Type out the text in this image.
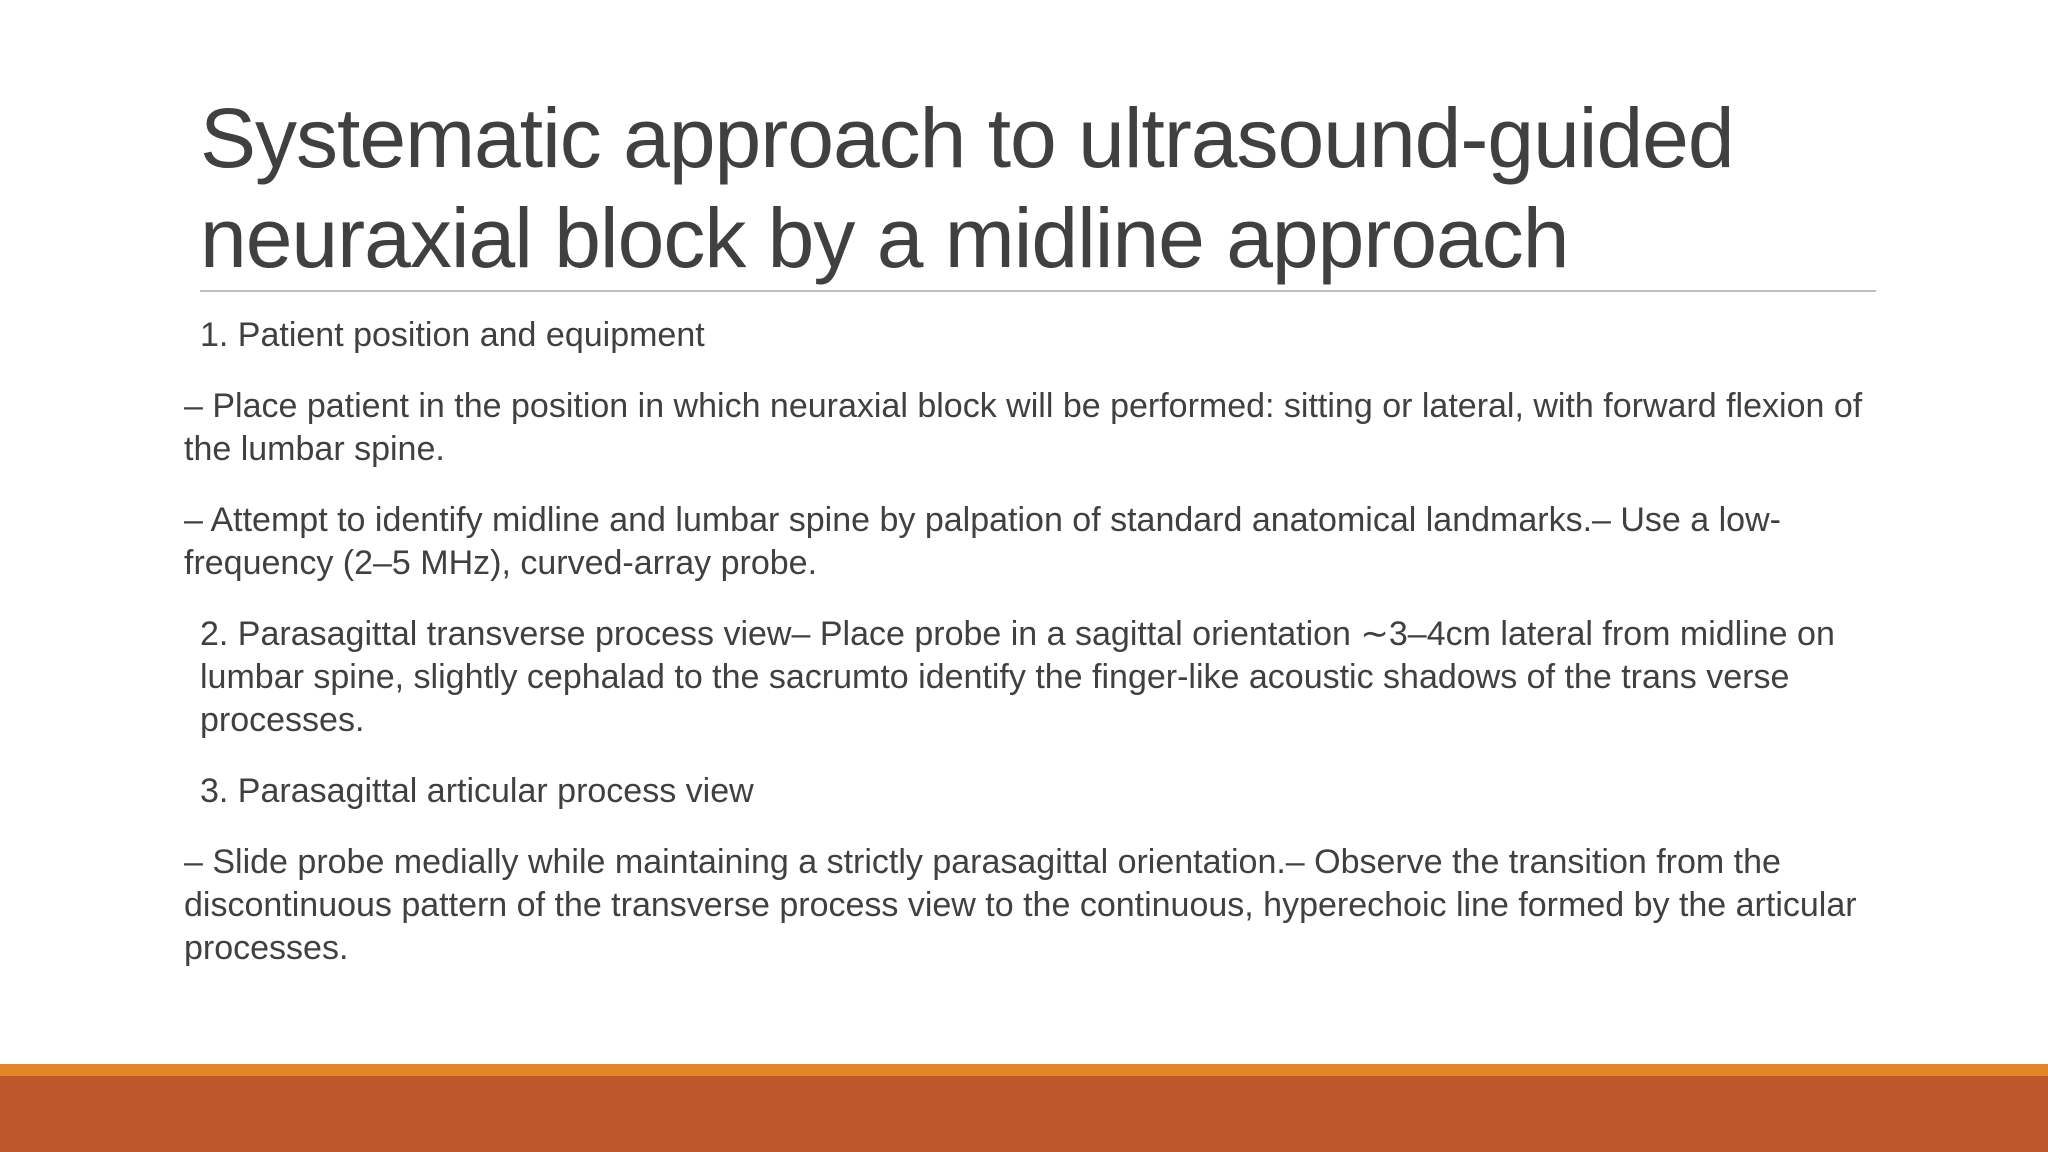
Systematic approach to ultrasound-guided
neuraxial block by a midline approach

1. Patient position and equipment

– Place patient in the position in which neuraxial block will be performed: sitting or lateral, with forward flexion of the lumbar spine.

– Attempt to identify midline and lumbar spine by palpation of standard anatomical landmarks.– Use a low-frequency (2–5 MHz), curved-array probe.

2. Parasagittal transverse process view– Place probe in a sagittal orientation ∼3–4cm lateral from midline on lumbar spine, slightly cephalad to the sacrumto identify the finger-like acoustic shadows of the trans verse processes.

3. Parasagittal articular process view

– Slide probe medially while maintaining a strictly parasagittal orientation.– Observe the transition from the discontinuous pattern of the transverse process view to the continuous, hyperechoic line formed by the articular processes.
